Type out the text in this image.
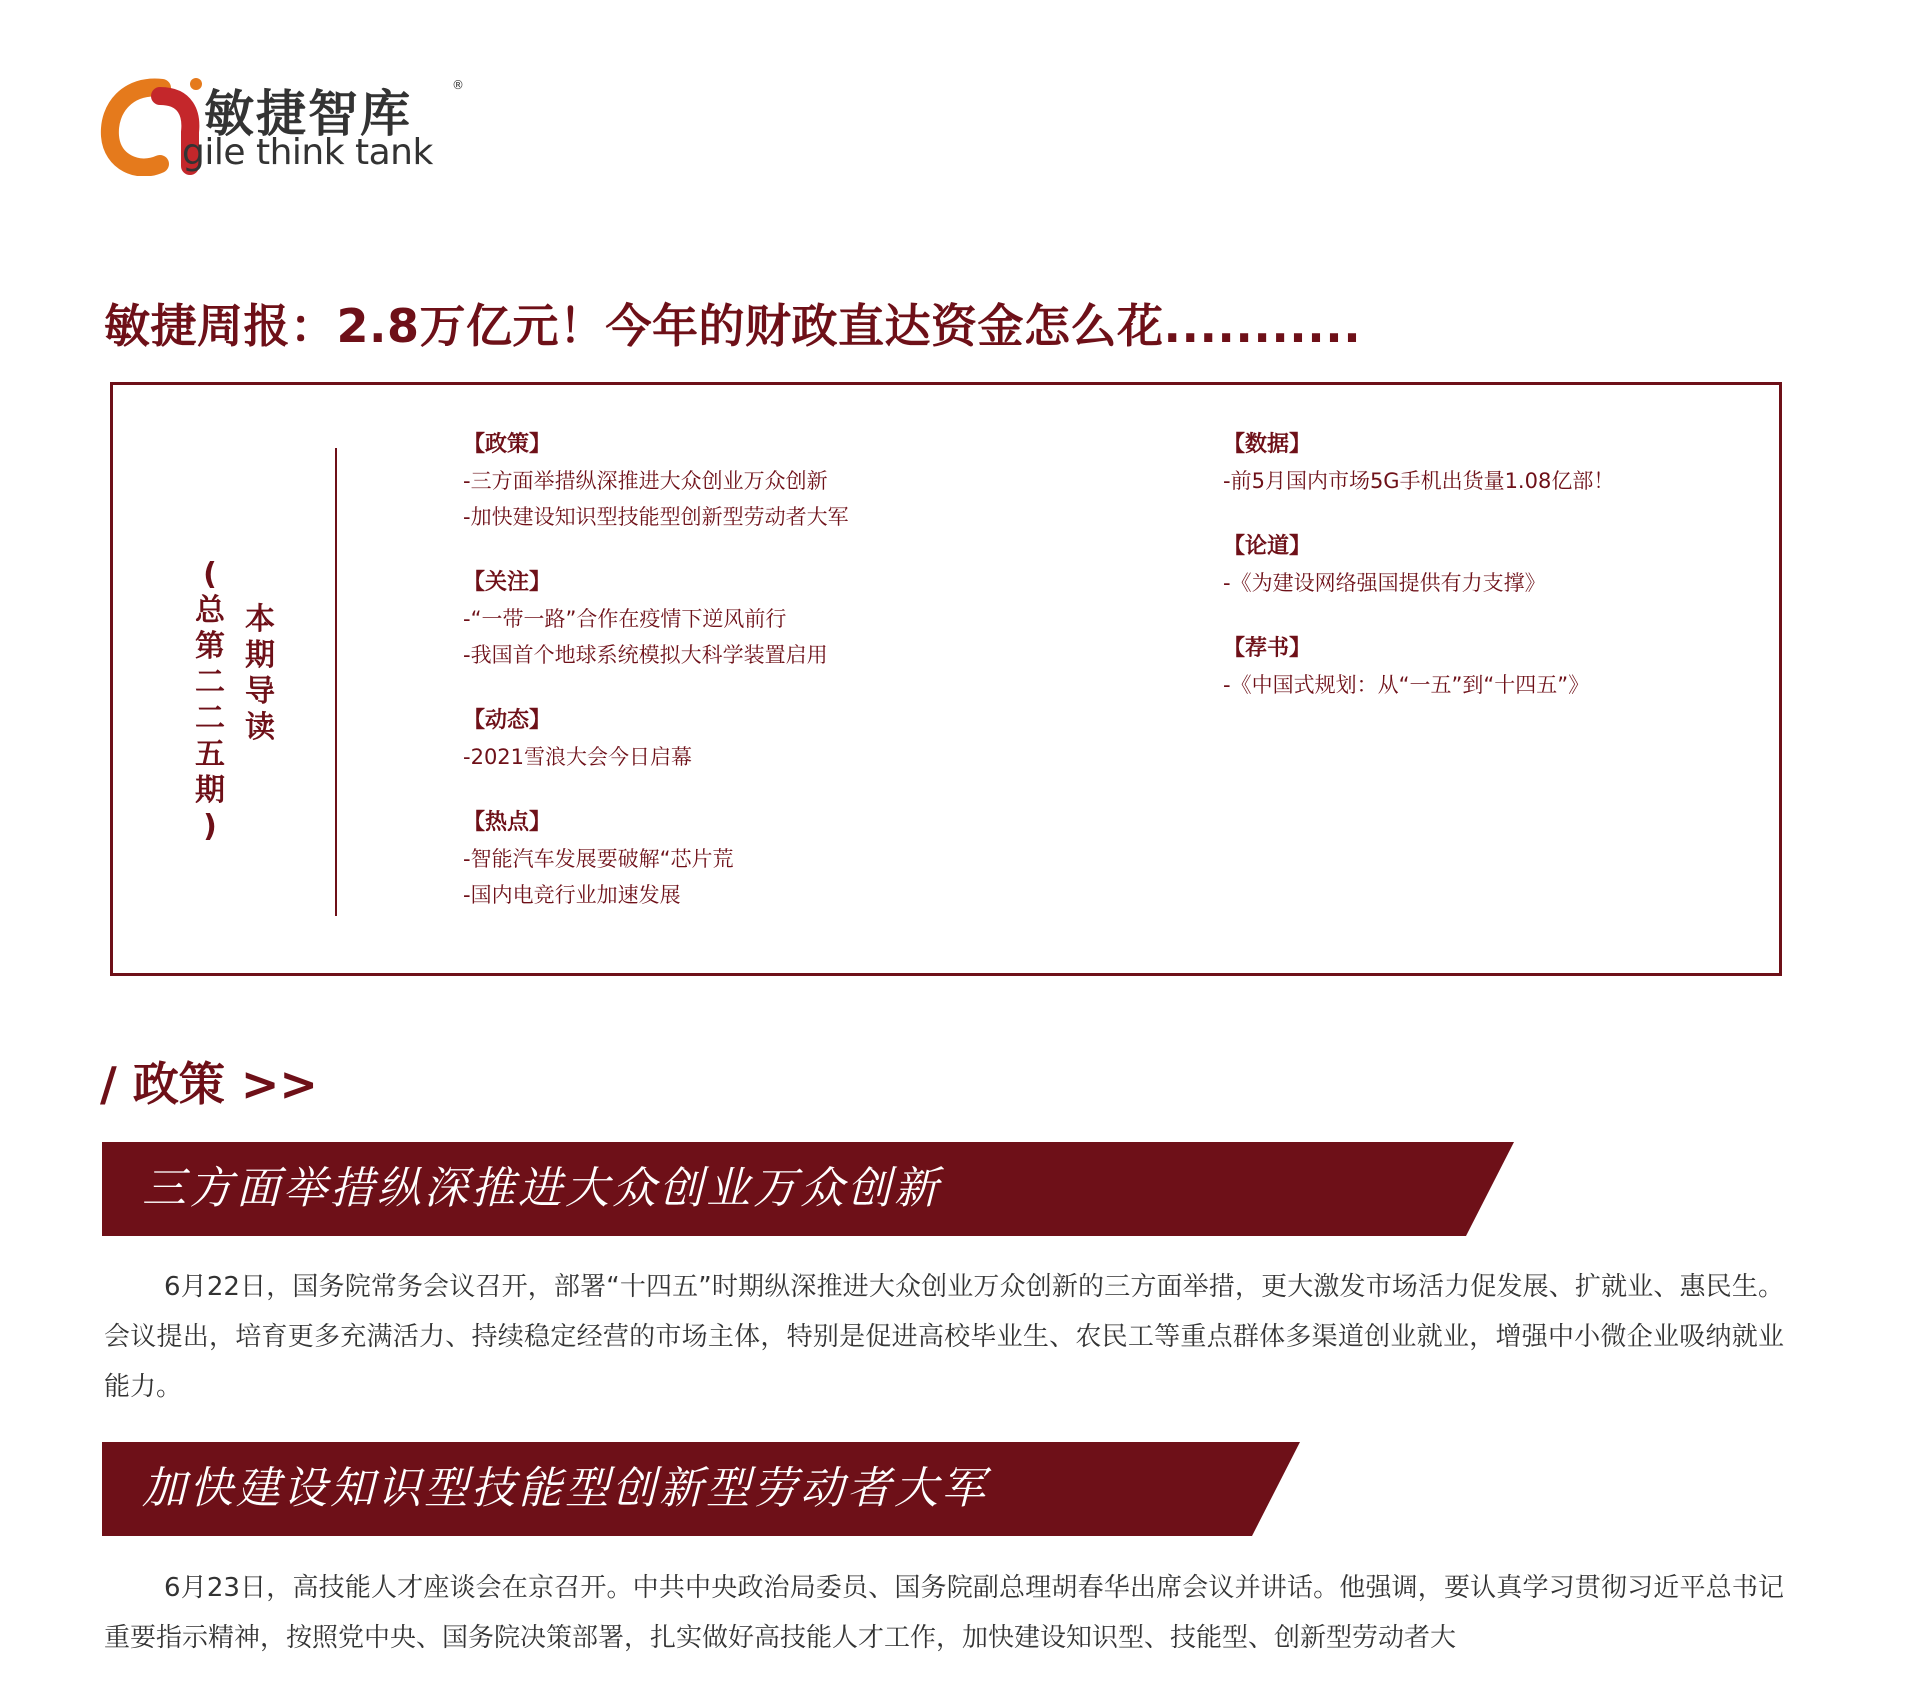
敏捷智库	®
gile think tank
敏捷周报：2.8万亿元！今年的财政直达资金怎么花...........
本
期
导
读
(
总
第
二
二
五
期
)
【政策】
-三方面举措纵深推进大众创业万众创新
-加快建设知识型技能型创新型劳动者大军
【关注】
-“一带一路”合作在疫情下逆风前行
-我国首个地球系统模拟大科学装置启用
【动态】
-2021雪浪大会今日启幕
【热点】
-智能汽车发展要破解“芯片荒
-国内电竞行业加速发展
【数据】
-前5月国内市场5G手机出货量1.08亿部！
【论道】
-《为建设网络强国提供有力支撑》
【荐书】
-《中国式规划：从“一五”到“十四五”》
/ 政策 >>
三方面举措纵深推进大众创业万众创新
6月22日，国务院常务会议召开，部署“十四五”时期纵深推进大众创业万众创新的三方面举措，更大激发市场活力促发展、扩就业、惠民生。会议提出，培育更多充满活力、持续稳定经营的市场主体，特别是促进高校毕业生、农民工等重点群体多渠道创业就业，增强中小微企业吸纳就业能力。
加快建设知识型技能型创新型劳动者大军
6月23日，高技能人才座谈会在京召开。中共中央政治局委员、国务院副总理胡春华出席会议并讲话。他强调，要认真学习贯彻习近平总书记重要指示精神，按照党中央、国务院决策部署，扎实做好高技能人才工作，加快建设知识型、技能型、创新型劳动者大
